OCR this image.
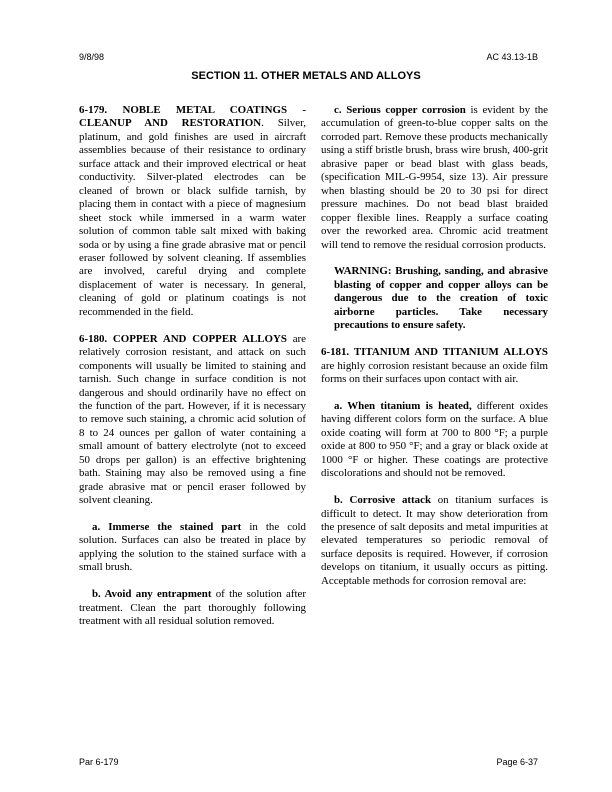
9/8/98	AC 43.13-1B
SECTION 11. OTHER METALS AND ALLOYS

6-179. NOBLE METAL COATINGS - CLEANUP AND RESTORATION. Silver, platinum, and gold finishes are used in aircraft assemblies because of their resistance to ordinary surface attack and their improved electrical or heat conductivity. Silver-plated electrodes can be cleaned of brown or black sulfide tarnish, by placing them in contact with a piece of magnesium sheet stock while immersed in a warm water solution of common table salt mixed with baking soda or by using a fine grade abrasive mat or pencil eraser followed by solvent cleaning. If assemblies are involved, careful drying and complete displacement of water is necessary. In general, cleaning of gold or platinum coatings is not recommended in the field.

6-180. COPPER AND COPPER ALLOYS are relatively corrosion resistant, and attack on such components will usually be limited to staining and tarnish. Such change in surface condition is not dangerous and should ordinarily have no effect on the function of the part. However, if it is necessary to remove such staining, a chromic acid solution of 8 to 24 ounces per gallon of water containing a small amount of battery electrolyte (not to exceed 50 drops per gallon) is an effective brightening bath. Staining may also be removed using a fine grade abrasive mat or pencil eraser followed by solvent cleaning.

a. Immerse the stained part in the cold solution. Surfaces can also be treated in place by applying the solution to the stained surface with a small brush.

b. Avoid any entrapment of the solution after treatment. Clean the part thoroughly following treatment with all residual solution removed.

c. Serious copper corrosion is evident by the accumulation of green-to-blue copper salts on the corroded part. Remove these products mechanically using a stiff bristle brush, brass wire brush, 400-grit abrasive paper or bead blast with glass beads, (specification MIL-G-9954, size 13). Air pressure when blasting should be 20 to 30 psi for direct pressure machines. Do not bead blast braided copper flexible lines. Reapply a surface coating over the reworked area. Chromic acid treatment will tend to remove the residual corrosion products.

WARNING: Brushing, sanding, and abrasive blasting of copper and copper alloys can be dangerous due to the creation of toxic airborne particles. Take necessary precautions to ensure safety.

6-181. TITANIUM AND TITANIUM ALLOYS are highly corrosion resistant because an oxide film forms on their surfaces upon contact with air.

a. When titanium is heated, different oxides having different colors form on the surface. A blue oxide coating will form at 700 to 800 °F; a purple oxide at 800 to 950 °F; and a gray or black oxide at 1000 °F or higher. These coatings are protective discolorations and should not be removed.

b. Corrosive attack on titanium surfaces is difficult to detect. It may show deterioration from the presence of salt deposits and metal impurities at elevated temperatures so periodic removal of surface deposits is required. However, if corrosion develops on titanium, it usually occurs as pitting. Acceptable methods for corrosion removal are:

Par 6-179	Page 6-37
